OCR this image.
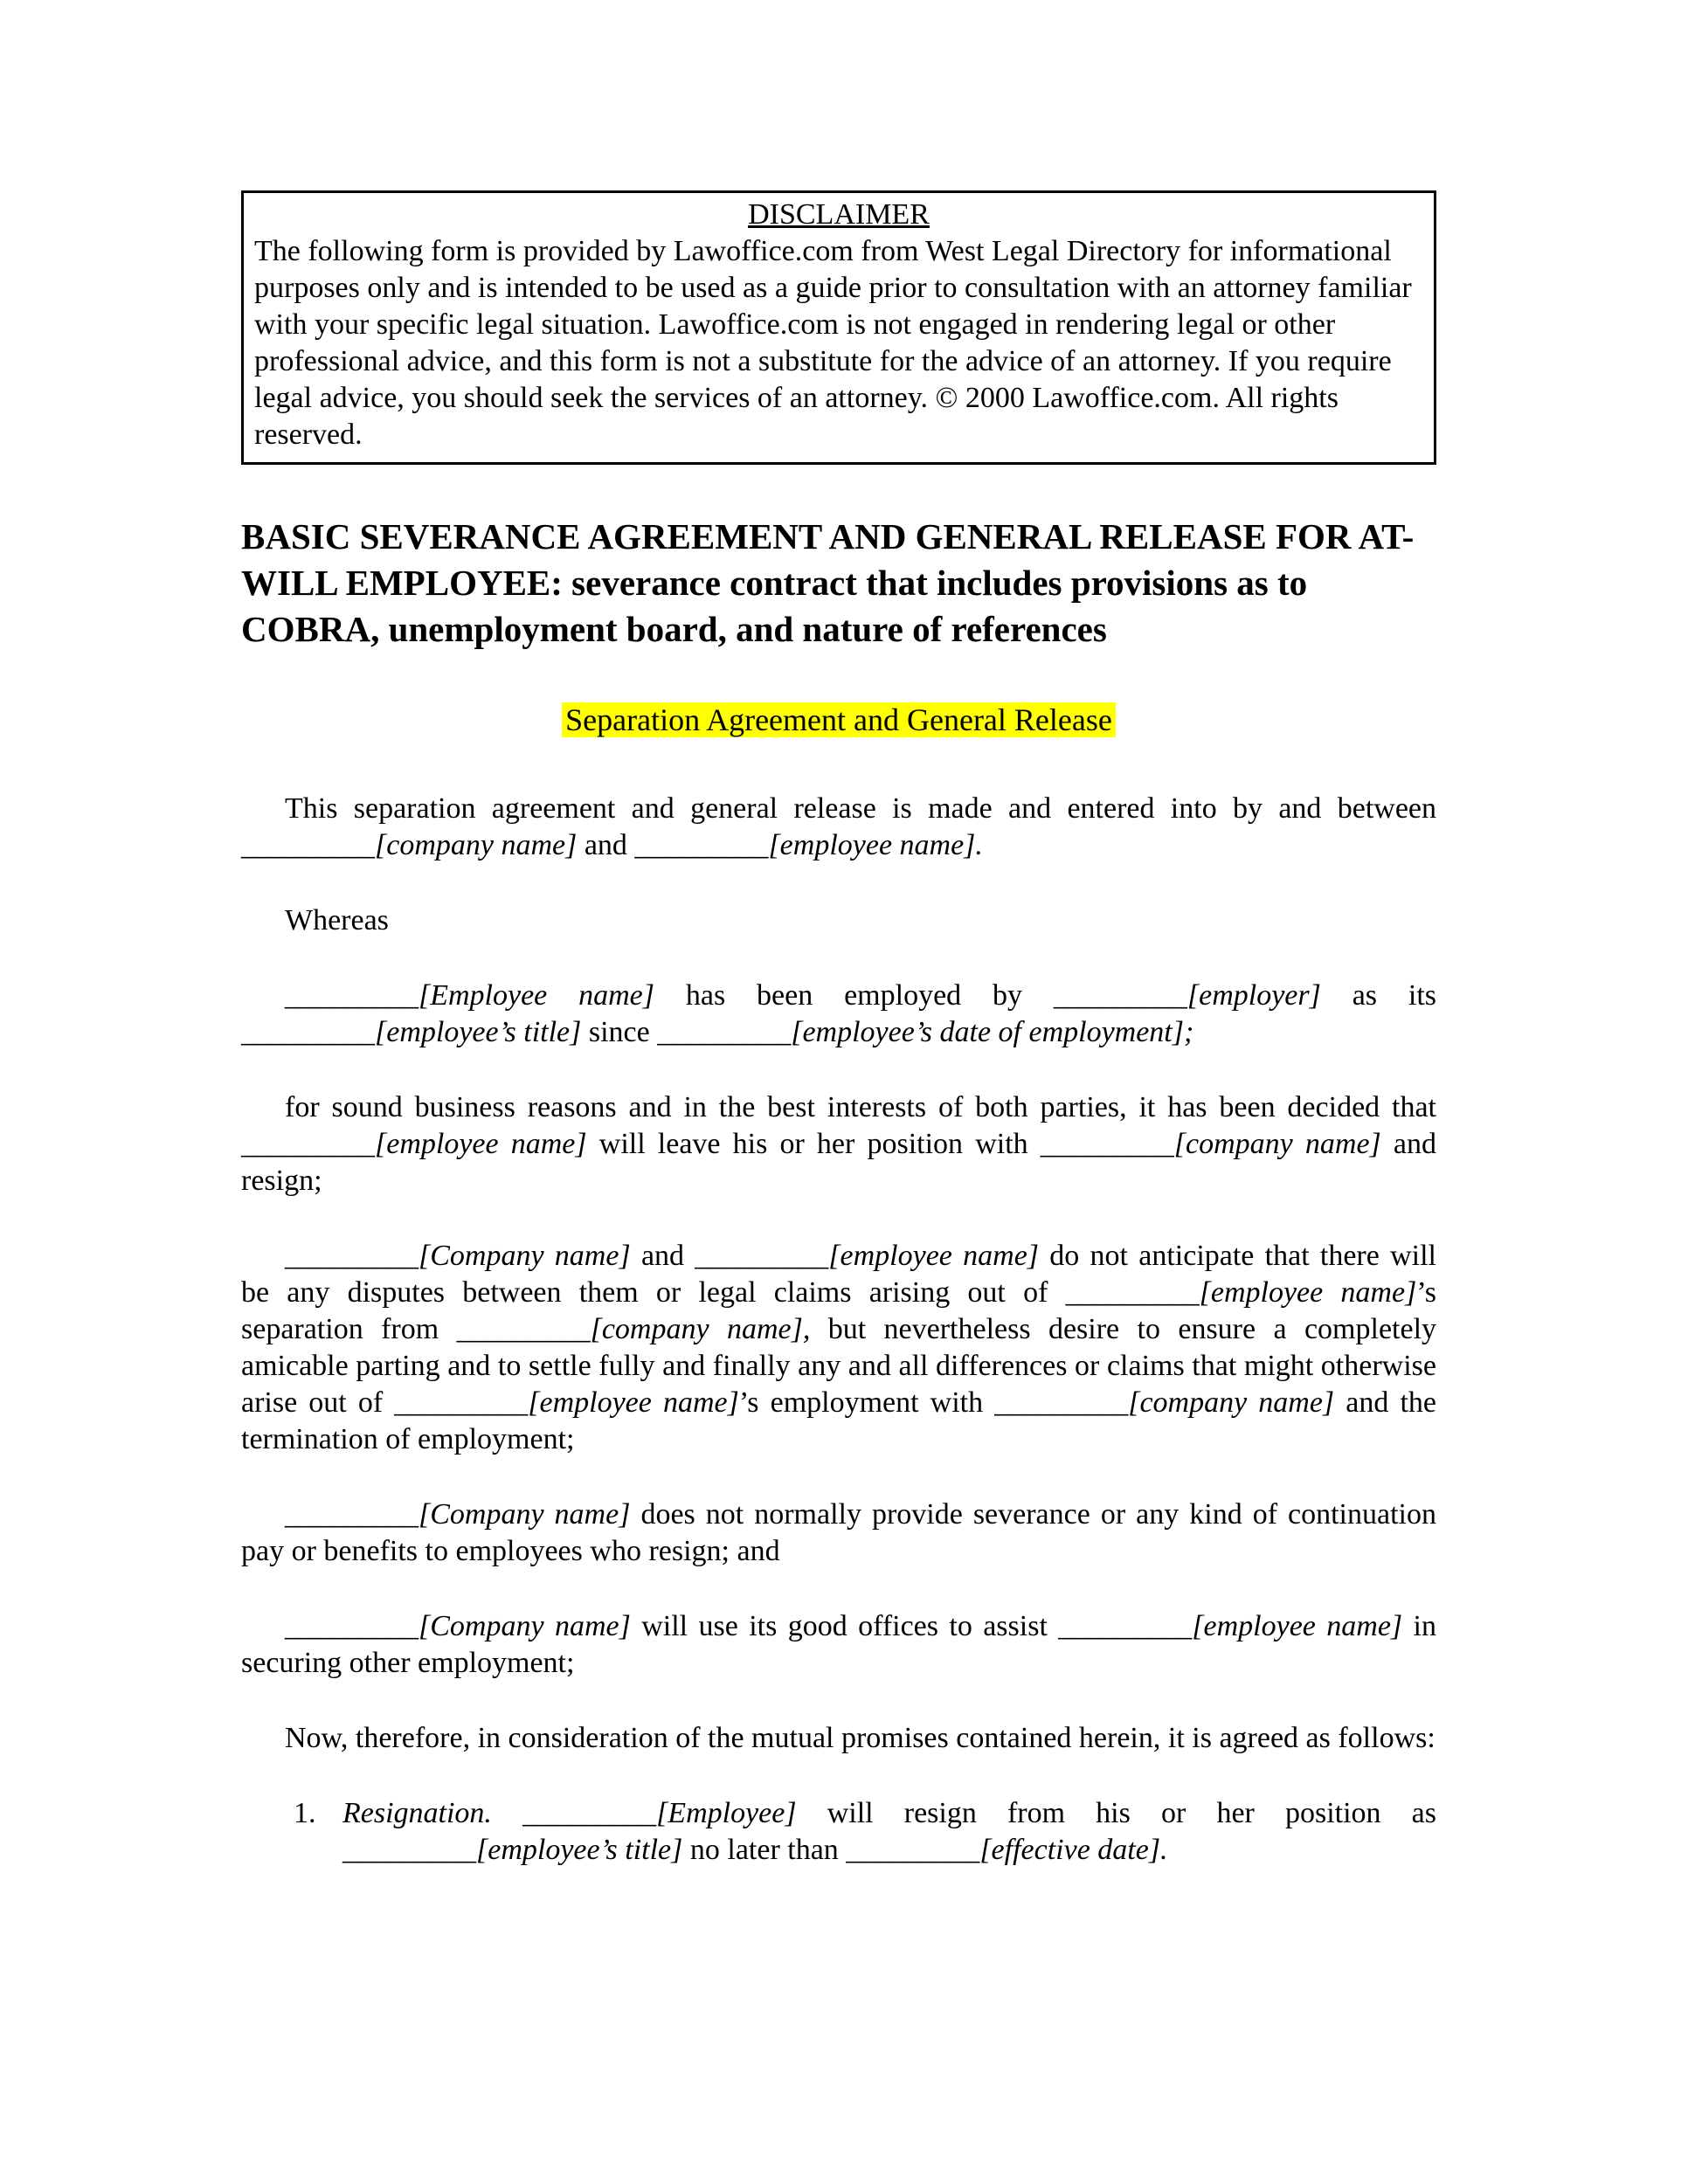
DISCLAIMER
The following form is provided by Lawoffice.com from West Legal Directory for informational purposes only and is intended to be used as a guide prior to consultation with an attorney familiar with your specific legal situation. Lawoffice.com is not engaged in rendering legal or other professional advice, and this form is not a substitute for the advice of an attorney. If you require legal advice, you should seek the services of an attorney. © 2000 Lawoffice.com. All rights reserved.

BASIC SEVERANCE AGREEMENT AND GENERAL RELEASE FOR AT-WILL EMPLOYEE: severance contract that includes provisions as to COBRA, unemployment board, and nature of references

Separation Agreement and General Release

This separation agreement and general release is made and entered into by and between _________[company name] and _________[employee name].

Whereas

_________[Employee name] has been employed by _________[employer] as its _________[employee’s title] since _________[employee’s date of employment];

for sound business reasons and in the best interests of both parties, it has been decided that _________[employee name] will leave his or her position with _________[company name] and resign;

_________[Company name] and _________[employee name] do not anticipate that there will be any disputes between them or legal claims arising out of _________[employee name]’s separation from _________[company name], but nevertheless desire to ensure a completely amicable parting and to settle fully and finally any and all differences or claims that might otherwise arise out of _________[employee name]’s employment with _________[company name] and the termination of employment;

_________[Company name] does not normally provide severance or any kind of continuation pay or benefits to employees who resign; and

_________[Company name] will use its good offices to assist _________[employee name] in securing other employment;

Now, therefore, in consideration of the mutual promises contained herein, it is agreed as follows:

1. Resignation. _________[Employee] will resign from his or her position as _________[employee’s title] no later than _________[effective date].
